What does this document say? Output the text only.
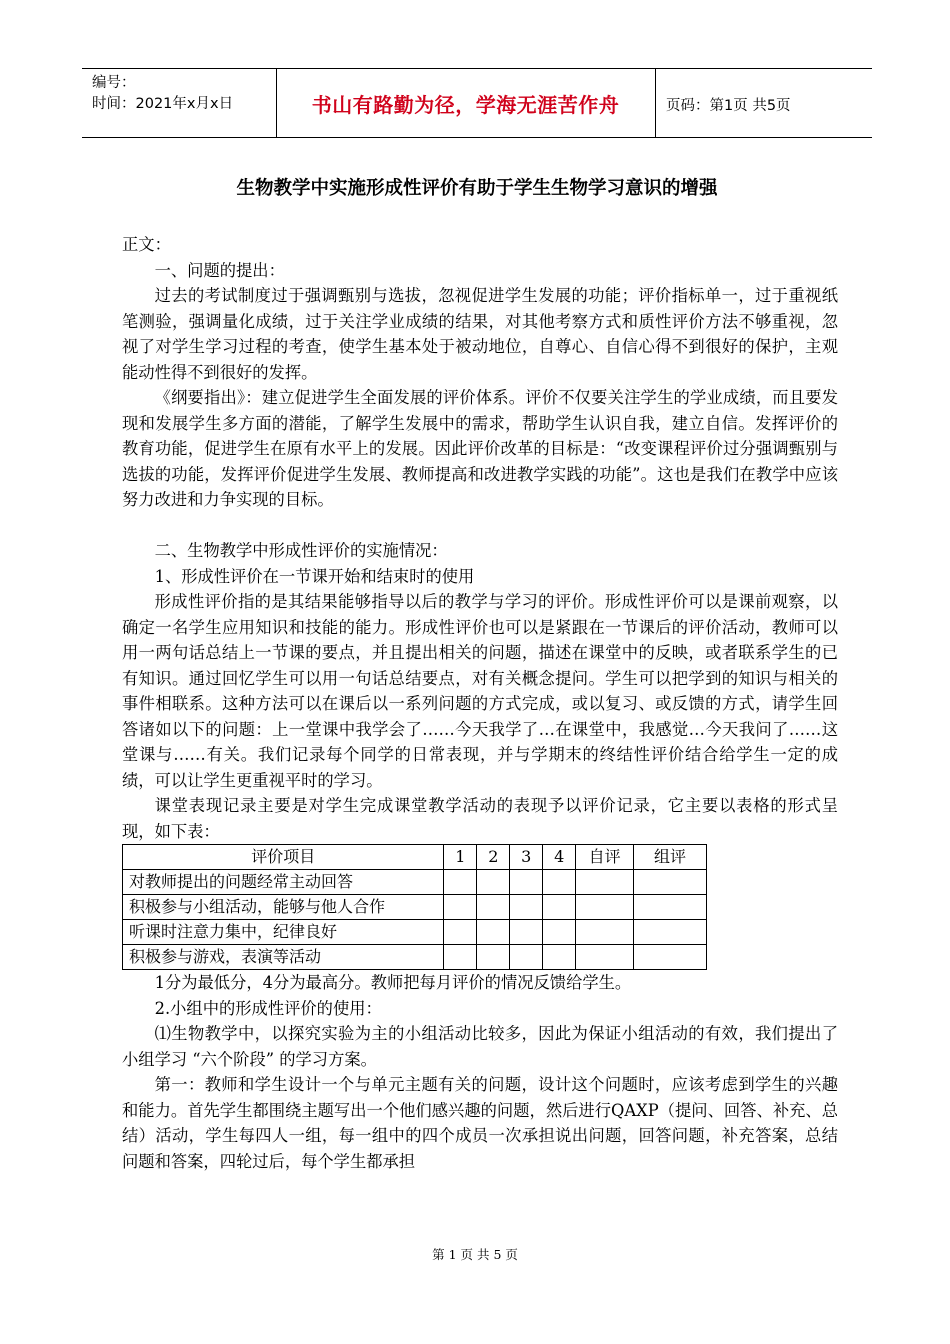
编号：
时间：2021年x月x日	书山有路勤为径，学海无涯苦作舟	页码：第1页 共5页
生物教学中实施形成性评价有助于学生生物学习意识的增强

正文：

一、问题的提出：

过去的考试制度过于强调甄别与选拔，忽视促进学生发展的功能；评价指标单一，过于重视纸笔测验，强调量化成绩，过于关注学业成绩的结果，对其他考察方式和质性评价方法不够重视，忽视了对学生学习过程的考查，使学生基本处于被动地位，自尊心、自信心得不到很好的保护，主观能动性得不到很好的发挥。

《纲要指出》：建立促进学生全面发展的评价体系。评价不仅要关注学生的学业成绩，而且要发现和发展学生多方面的潜能，了解学生发展中的需求，帮助学生认识自我，建立自信。发挥评价的教育功能，促进学生在原有水平上的发展。因此评价改革的目标是：“改变课程评价过分强调甄别与选拔的功能，发挥评价促进学生发展、教师提高和改进教学实践的功能”。这也是我们在教学中应该努力改进和力争实现的目标。

二、生物教学中形成性评价的实施情况：

1、形成性评价在一节课开始和结束时的使用

形成性评价指的是其结果能够指导以后的教学与学习的评价。形成性评价可以是课前观察，以确定一名学生应用知识和技能的能力。形成性评价也可以是紧跟在一节课后的评价活动，教师可以用一两句话总结上一节课的要点，并且提出相关的问题，描述在课堂中的反映，或者联系学生的已有知识。通过回忆学生可以用一句话总结要点，对有关概念提问。学生可以把学到的知识与相关的事件相联系。这种方法可以在课后以一系列问题的方式完成，或以复习、或反馈的方式，请学生回答诸如以下的问题：上一堂课中我学会了……今天我学了…在课堂中，我感觉…今天我问了……这堂课与……有关。我们记录每个同学的日常表现，并与学期末的终结性评价结合给学生一定的成绩，可以让学生更重视平时的学习。

课堂表现记录主要是对学生完成课堂教学活动的表现予以评价记录，它主要以表格的形式呈现，如下表：

评价项目	1	2	3	4	自评	组评
对教师提出的问题经常主动回答						
积极参与小组活动，能够与他人合作						
听课时注意力集中，纪律良好						
积极参与游戏，表演等活动						

1分为最低分，4分为最高分。教师把每月评价的情况反馈给学生。

2.小组中的形成性评价的使用：

⑴生物教学中，以探究实验为主的小组活动比较多，因此为保证小组活动的有效，我们提出了小组学习 “六个阶段” 的学习方案。

第一：教师和学生设计一个与单元主题有关的问题，设计这个问题时，应该考虑到学生的兴趣和能力。首先学生都围绕主题写出一个他们感兴趣的问题，然后进行QAXP（提问、回答、补充、总结）活动，学生每四人一组，每一组中的四个成员一次承担说出问题，回答问题，补充答案，总结问题和答案，四轮过后，每个学生都承担

第 1 页 共 5 页
